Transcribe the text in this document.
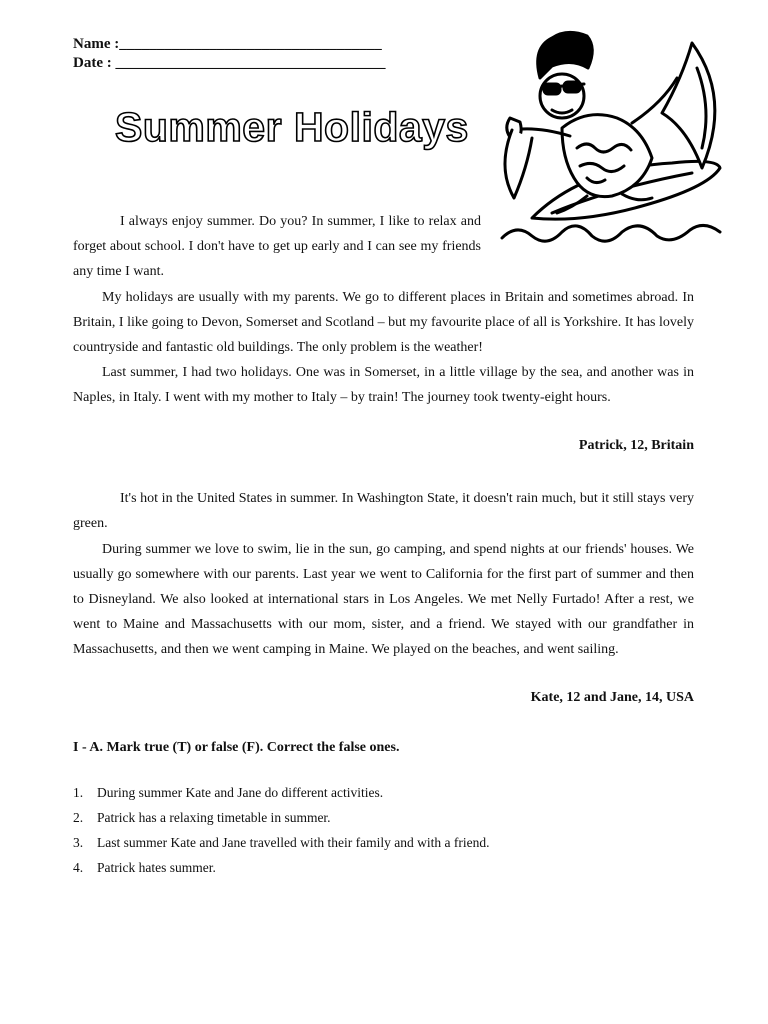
Name :___________________________________
Date : ____________________________________
Summer Holidays

I always enjoy summer. Do you? In summer, I like to relax and forget about school. I don't have to get up early and I can see my friends any time I want.

My holidays are usually with my parents. We go to different places in Britain and sometimes abroad. In Britain, I like going to Devon, Somerset and Scotland – but my favourite place of all is Yorkshire. It has lovely countryside and fantastic old buildings. The only problem is the weather!

Last summer, I had two holidays. One was in Somerset, in a little village by the sea, and another was in Naples, in Italy. I went with my mother to Italy – by train! The journey took twenty-eight hours.

Patrick, 12, Britain

It's hot in the United States in summer. In Washington State, it doesn't rain much, but it still stays very green.

During summer we love to swim, lie in the sun, go camping, and spend nights at our friends' houses. We usually go somewhere with our parents. Last year we went to California for the first part of summer and then to Disneyland. We also looked at international stars in Los Angeles. We met Nelly Furtado! After a rest, we went to Maine and Massachusetts with our mom, sister, and a friend. We stayed with our grandfather in Massachusetts, and then we went camping in Maine. We played on the beaches, and went sailing.

Kate, 12 and Jane, 14, USA

I - A. Mark true (T) or false (F). Correct the false ones.

1.	During summer Kate and Jane do different activities.
2.	Patrick has a relaxing timetable in summer.
3.	Last summer Kate and Jane travelled with their family and with a friend.
4.	Patrick hates summer.
